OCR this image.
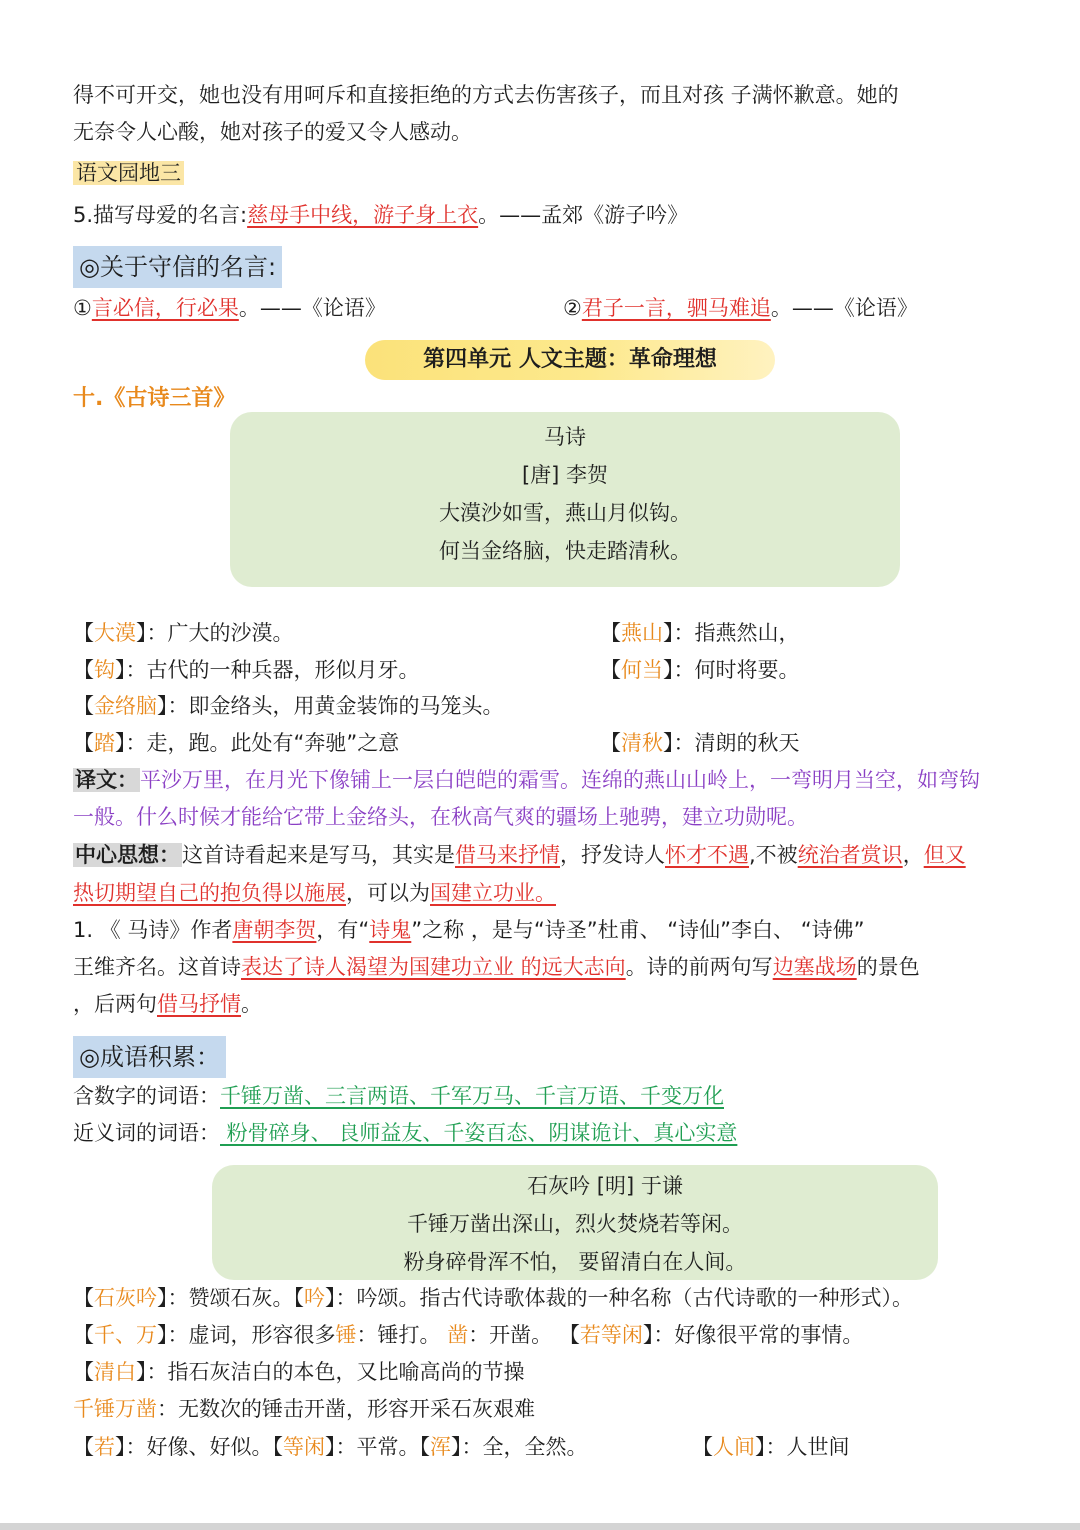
得不可开交，她也没有用呵斥和直接拒绝的方式去伤害孩子，而且对孩 子满怀歉意。她的
无奈令人心酸，她对孩子的爱又令人感动。
语文园地三
5.描写母爱的名言:慈母手中线，游子身上衣。——孟郊《游子吟》
◎关于守信的名言:
①言必信，行必果。——《论语》	②君子一言，驷马难追。——《论语》
第四单元 人文主题：革命理想
十.《古诗三首》
马诗
[唐] 李贺
大漠沙如雪，燕山月似钩。
何当金络脑，快走踏清秋。
【大漠】：广大的沙漠。	【燕山】：指燕然山，
【钩】：古代的一种兵器，形似月牙。	【何当】：何时将要。
【金络脑】：即金络头，用黄金装饰的马笼头。
【踏】：走，跑。此处有“奔驰”之意	【清秋】：清朗的秋天
译文：平沙万里，在月光下像铺上一层白皑皑的霜雪。连绵的燕山山岭上，一弯明月当空，如弯钩
一般。什么时候才能给它带上金络头，在秋高气爽的疆场上驰骋，建立功勋呢。
中心思想：这首诗看起来是写马，其实是借马来抒情，抒发诗人怀才不遇,不被统治者赏识，但又
热切期望自己的抱负得以施展，可以为国建立功业。
1. 《 马诗》作者唐朝李贺，有“诗鬼”之称 ，是与“诗圣”杜甫、 “诗仙”李白、 “诗佛”
王维齐名。这首诗表达了诗人渴望为国建功立业 的远大志向。诗的前两句写边塞战场的景色
，后两句借马抒情。
◎成语积累：
含数字的词语：千锤万凿、三言两语、千军万马、千言万语、千变万化
近义词的词语： 粉骨碎身、 良师益友、千姿百态、阴谋诡计、真心实意
石灰吟 [明] 于谦
千锤万凿出深山，烈火焚烧若等闲。
粉身碎骨浑不怕， 要留清白在人间。
【石灰吟】：赞颂石灰。【吟】：吟颂。指古代诗歌体裁的一种名称（古代诗歌的一种形式）。
【千、万】：虚词，形容很多锤：锤打。 凿：开凿。 【若等闲】：好像很平常的事情。
【清白】：指石灰洁白的本色，又比喻高尚的节操
千锤万凿：无数次的锤击开凿，形容开采石灰艰难
【若】：好像、好似。【等闲】：平常。【浑】：全，全然。	【人间】：人世间
